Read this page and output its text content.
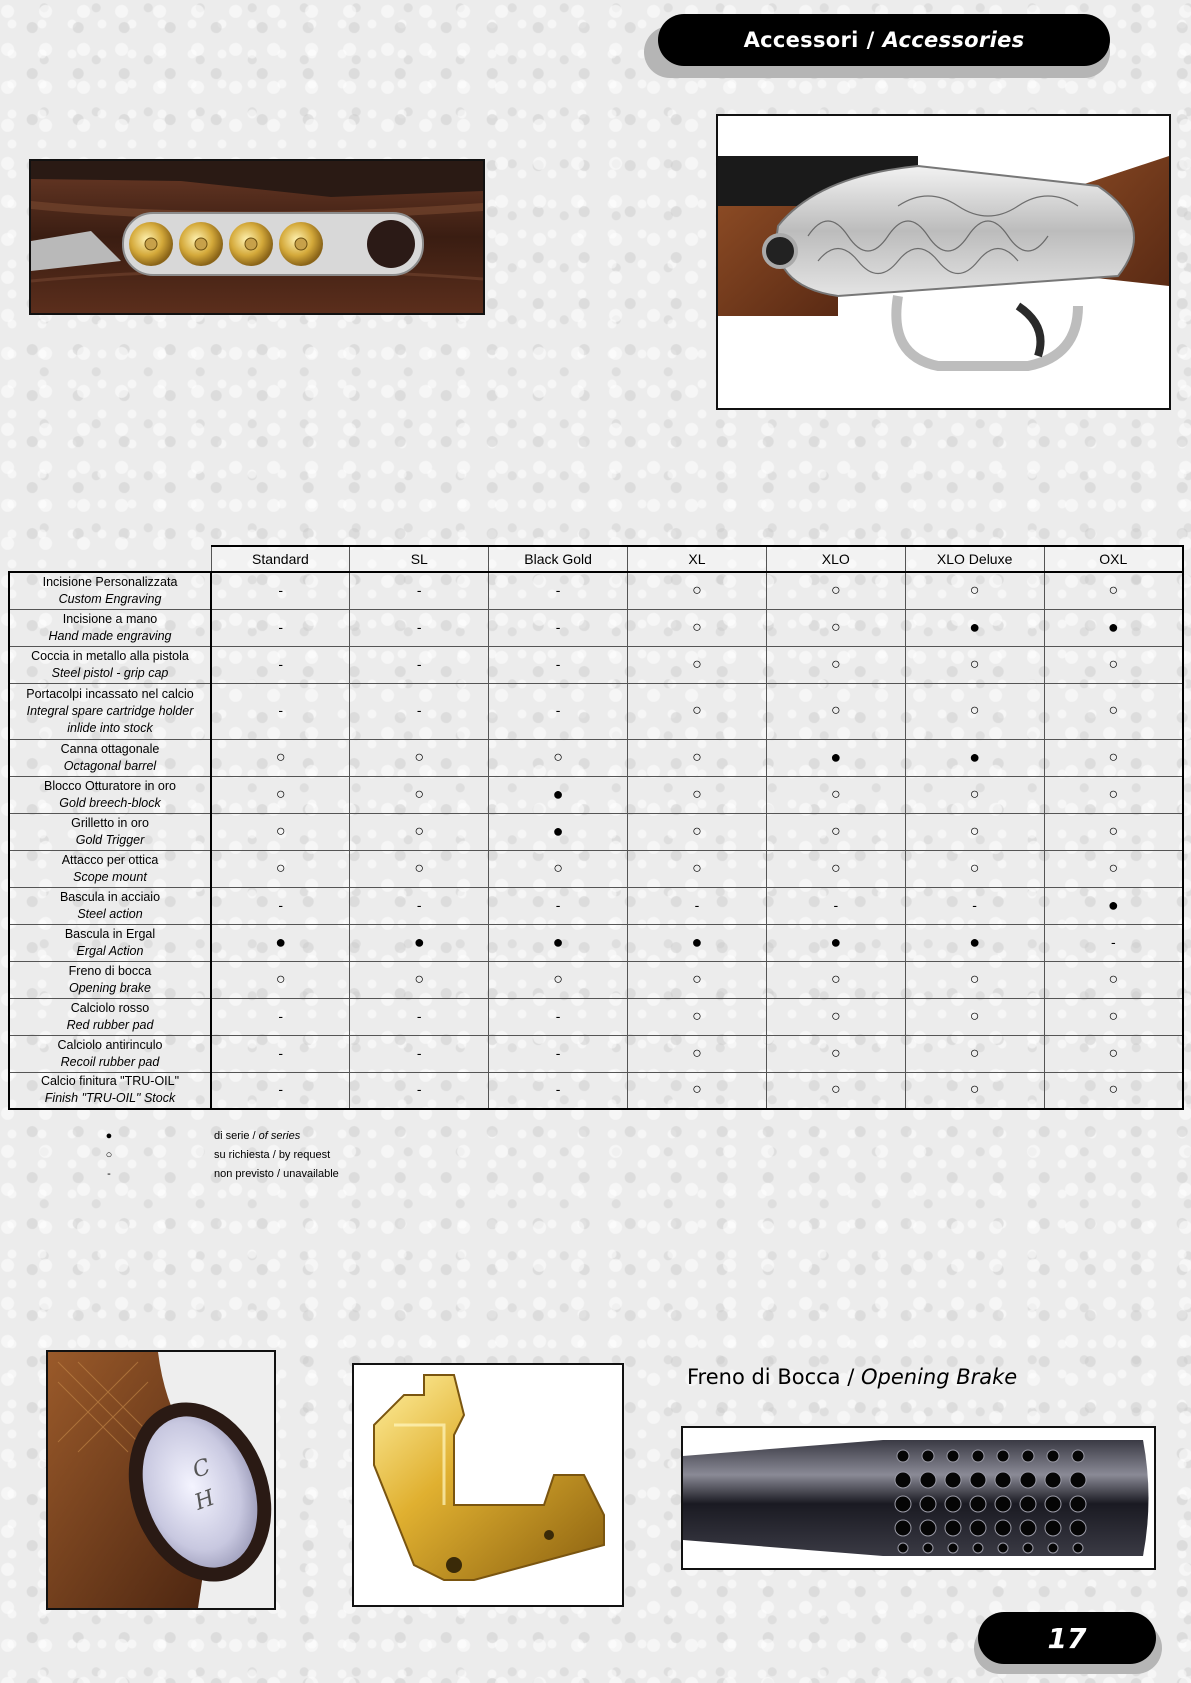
Accessori / Accessories
	Standard	SL	Black Gold	XL	XLO	XLO Deluxe	OXL

Incisione Personalizzata
Custom Engraving	-	-	-	○	○	○	○

Incisione a mano
Hand made engraving	-	-	-	○	○	●	●

Coccia in metallo alla pistola
Steel pistol - grip cap	-	-	-	○	○	○	○

Portacolpi incassato nel calcio
Integral spare cartridge holder
inlide into stock	-	-	-	○	○	○	○

Canna ottagonale
Octagonal barrel	○	○	○	○	●	●	○

Blocco Otturatore in oro
Gold breech-block	○	○	●	○	○	○	○

Grilletto in oro
Gold Trigger	○	○	●	○	○	○	○

Attacco per ottica
Scope mount	○	○	○	○	○	○	○

Bascula in acciaio
Steel action	-	-	-	-	-	-	●

Bascula in Ergal
Ergal Action	●	●	●	●	●	●	-

Freno di bocca
Opening brake	○	○	○	○	○	○	○

Calciolo rosso
Red rubber pad	-	-	-	○	○	○	○

Calciolo antirinculo
Recoil rubber pad	-	-	-	○	○	○	○

Calcio finitura "TRU-OIL"
Finish "TRU-OIL" Stock	-	-	-	○	○	○	○
●	di serie / of series
○	su richiesta / by request
-	non previsto / unavailable
C
H
Freno di Bocca / Opening Brake
17
